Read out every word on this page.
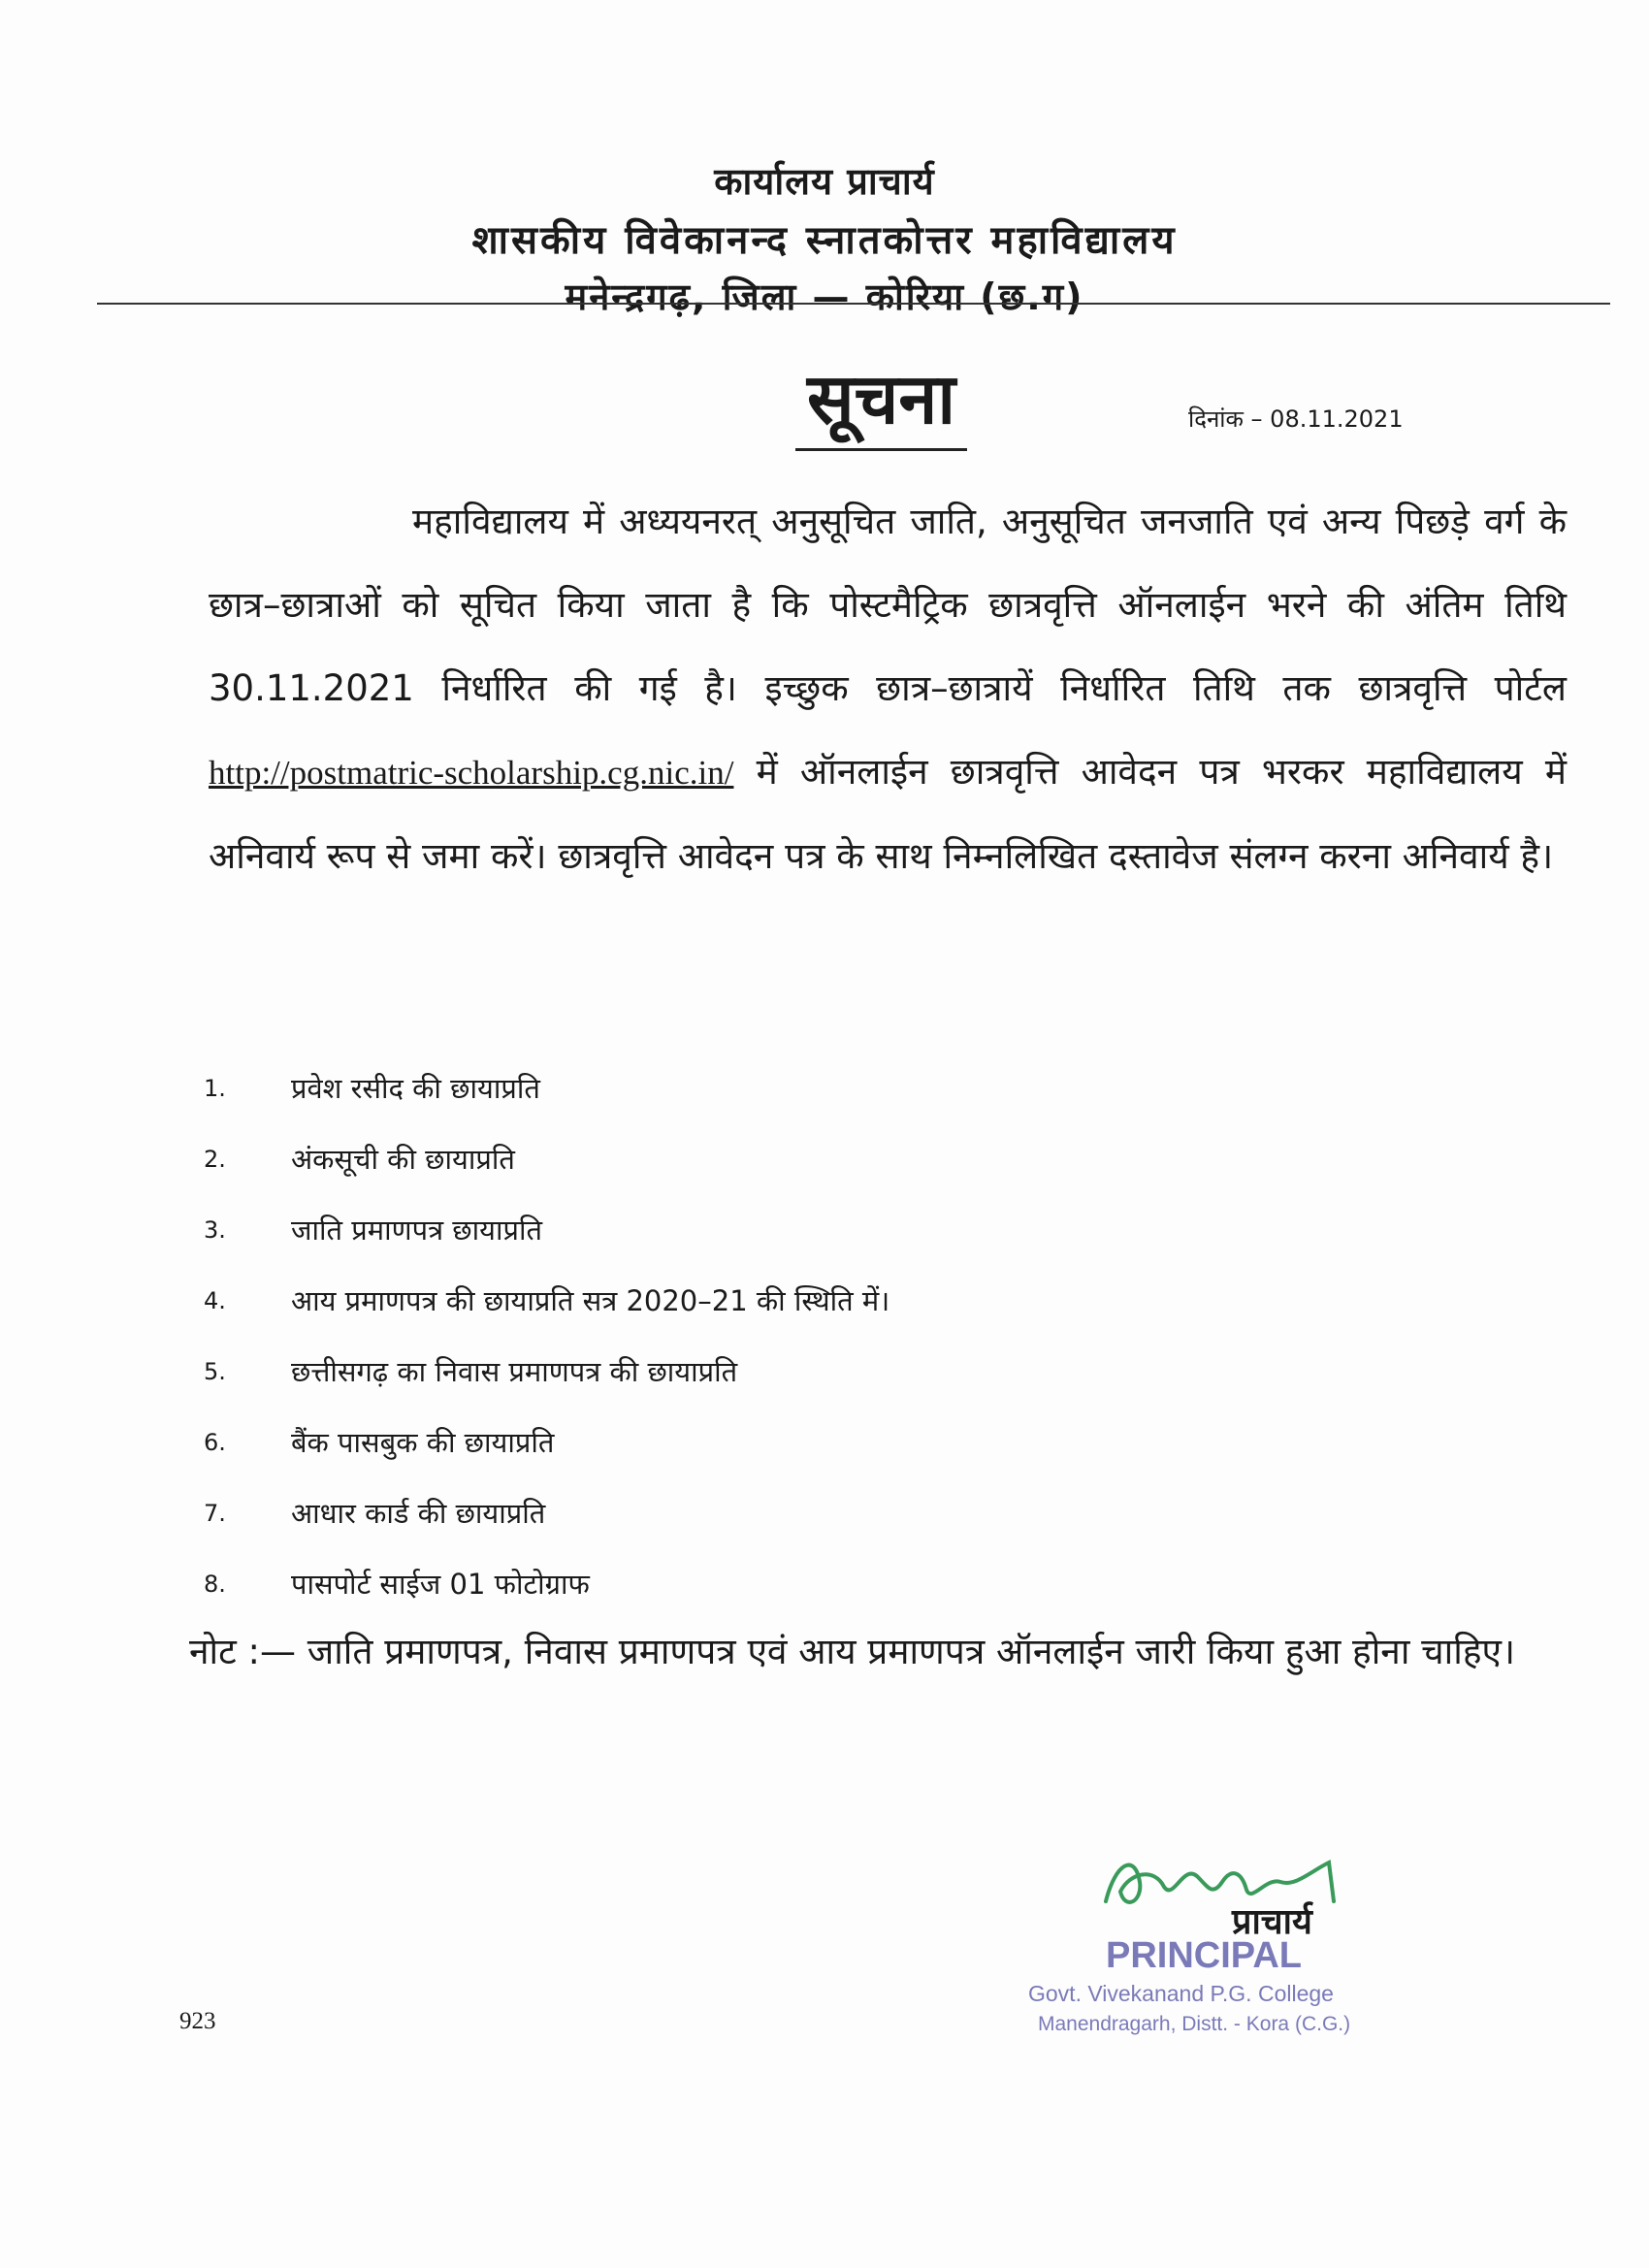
कार्यालय प्राचार्य
शासकीय विवेकानन्द स्नातकोत्तर महाविद्यालय
मनेन्द्रगढ़, जिला — कोरिया (छ.ग)
सूचना	दिनांक – 08.11.2021
महाविद्यालय में अध्ययनरत् अनुसूचित जाति, अनुसूचित जनजाति एवं अन्य पिछड़े वर्ग के छात्र–छात्राओं को सूचित किया जाता है कि पोस्टमैट्रिक छात्रवृत्ति ऑनलाईन भरने की अंतिम तिथि 30.11.2021 निर्धारित की गई है। इच्छुक छात्र–छात्रायें निर्धारित तिथि तक छात्रवृत्ति पोर्टल http://postmatric-scholarship.cg.nic.in/ में ऑनलाईन छात्रवृत्ति आवेदन पत्र भरकर महाविद्यालय में अनिवार्य रूप से जमा करें। छात्रवृत्ति आवेदन पत्र के साथ निम्नलिखित दस्तावेज संलग्न करना अनिवार्य है।
1.	प्रवेश रसीद की छायाप्रति
2.	अंकसूची की छायाप्रति
3.	जाति प्रमाणपत्र छायाप्रति
4.	आय प्रमाणपत्र की छायाप्रति सत्र 2020–21 की स्थिति में।
5.	छत्तीसगढ़ का निवास प्रमाणपत्र की छायाप्रति
6.	बैंक पासबुक की छायाप्रति
7.	आधार कार्ड की छायाप्रति
8.	पासपोर्ट साईज 01 फोटोग्राफ
नोट :— जाति प्रमाणपत्र, निवास प्रमाणपत्र एवं आय प्रमाणपत्र ऑनलाईन जारी किया हुआ होना चाहिए।
923
प्राचार्य
PRINCIPAL
Govt. Vivekanand P.G. College
Manendragarh, Distt. - Kora (C.G.)
